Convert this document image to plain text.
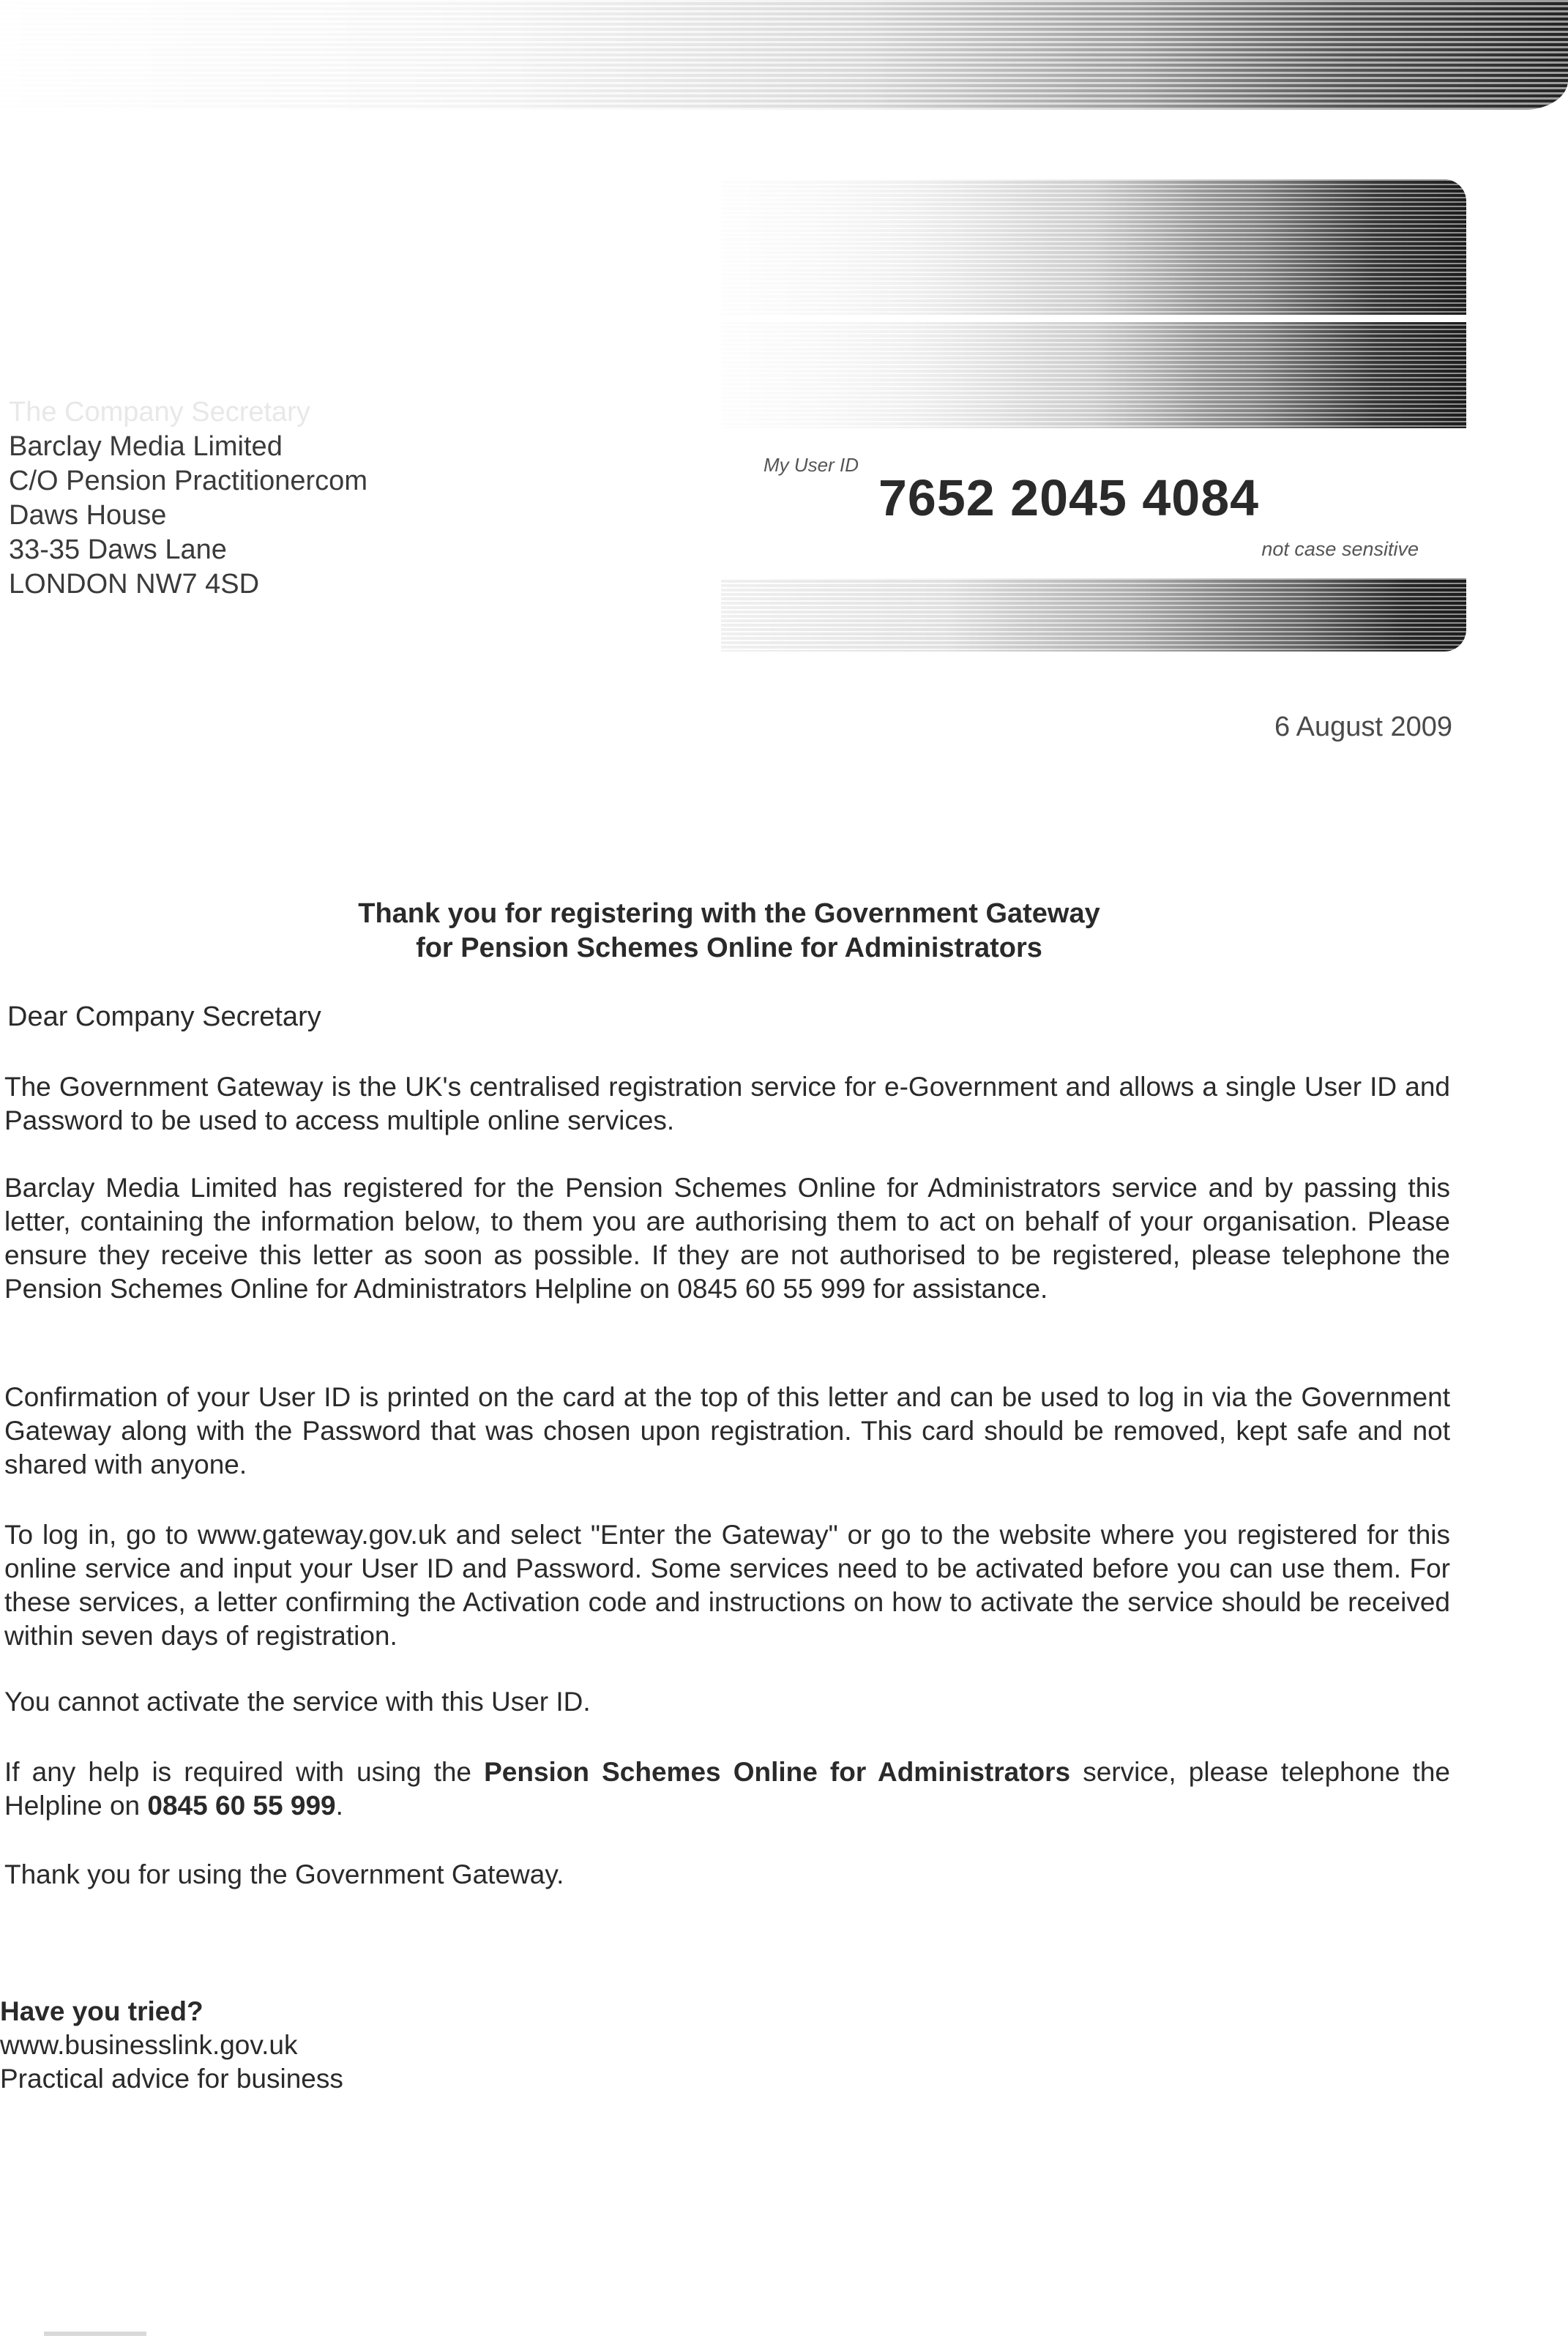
My User ID
7652 2045 4084
not case sensitive
The Company Secretary
Barclay Media Limited
C/O Pension Practitionercom
Daws House
33-35 Daws Lane
LONDON NW7 4SD
6 August 2009
Thank you for registering with the Government Gateway
for Pension Schemes Online for Administrators
Dear Company Secretary
The Government Gateway is the UK's centralised registration service for e-Government and allows a single User ID and Password to be used to access multiple online services.
Barclay Media Limited has registered for the Pension Schemes Online for Administrators service and by passing this letter, containing the information below, to them you are authorising them to act on behalf of your organisation. Please ensure they receive this letter as soon as possible. If they are not authorised to be registered, please telephone the Pension Schemes Online for Administrators Helpline on 0845 60 55 999 for assistance.
Confirmation of your User ID is printed on the card at the top of this letter and can be used to log in via the Government Gateway along with the Password that was chosen upon registration. This card should be removed, kept safe and not shared with anyone.
To log in, go to www.gateway.gov.uk and select "Enter the Gateway" or go to the website where you registered for this online service and input your User ID and Password. Some services need to be activated before you can use them. For these services, a letter confirming the Activation code and instructions on how to activate the service should be received within seven days of registration.
You cannot activate the service with this User ID.
If any help is required with using the Pension Schemes Online for Administrators service, please telephone the Helpline on 0845 60 55 999.
Thank you for using the Government Gateway.
Have you tried?
www.businesslink.gov.uk
Practical advice for business
